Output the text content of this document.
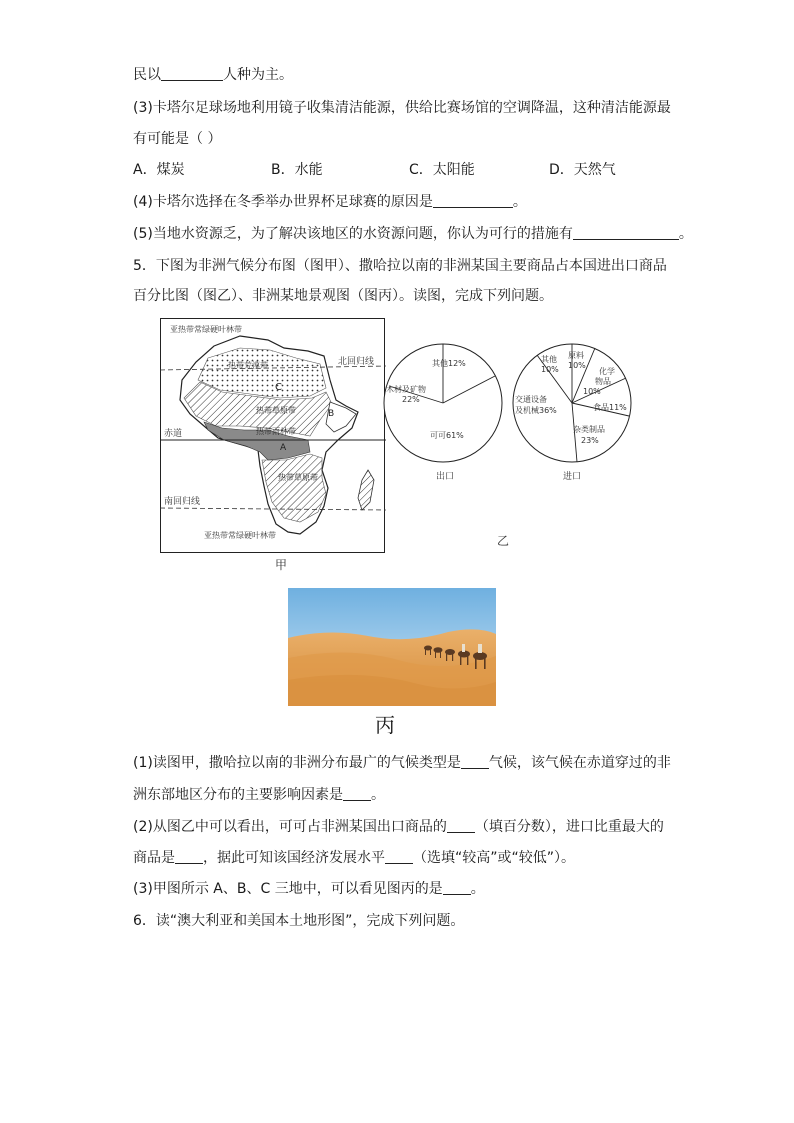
民以	人种为主。
(3)卡塔尔足球场地利用镜子收集清洁能源，供给比赛场馆的空调降温，这种清洁能源最
有可能是（ ）
A．煤炭	B．水能	C．太阳能	D．天然气
(4)卡塔尔选择在冬季举办世界杯足球赛的原因是	。
(5)当地水资源乏，为了解决该地区的水资源问题，你认为可行的措施有	。
5．下图为非洲气候分布图（图甲）、撒哈拉以南的非洲某国主要商品占本国进出口商品
百分比图（图乙）、非洲某地景观图（图丙）。读图，完成下列问题。
亚热带常绿硬叶林带
热带荒漠带
C
热带草原带
热带雨林带
A
B
热带草原带
亚热带常绿硬叶林带
北回归线
赤道
南回归线
甲
其他12%
木材及矿物
22%
可可61%
出口
其他
10%
原料
10%
化学
物品
10%
食品11%
交通设备
及机械36%
杂类制品
23%
进口
乙
丙
(1)读图甲，撒哈拉以南的非洲分布最广的气候类型是 气候，该气候在赤道穿过的非
洲东部地区分布的主要影响因素是 。
(2)从图乙中可以看出，可可占非洲某国出口商品的 （填百分数），进口比重最大的
商品是 ，据此可知该国经济发展水平 （选填“较高”或“较低”）。
(3)甲图所示 A、B、C 三地中，可以看见图丙的是 。
6．读“澳大利亚和美国本土地形图”，完成下列问题。
